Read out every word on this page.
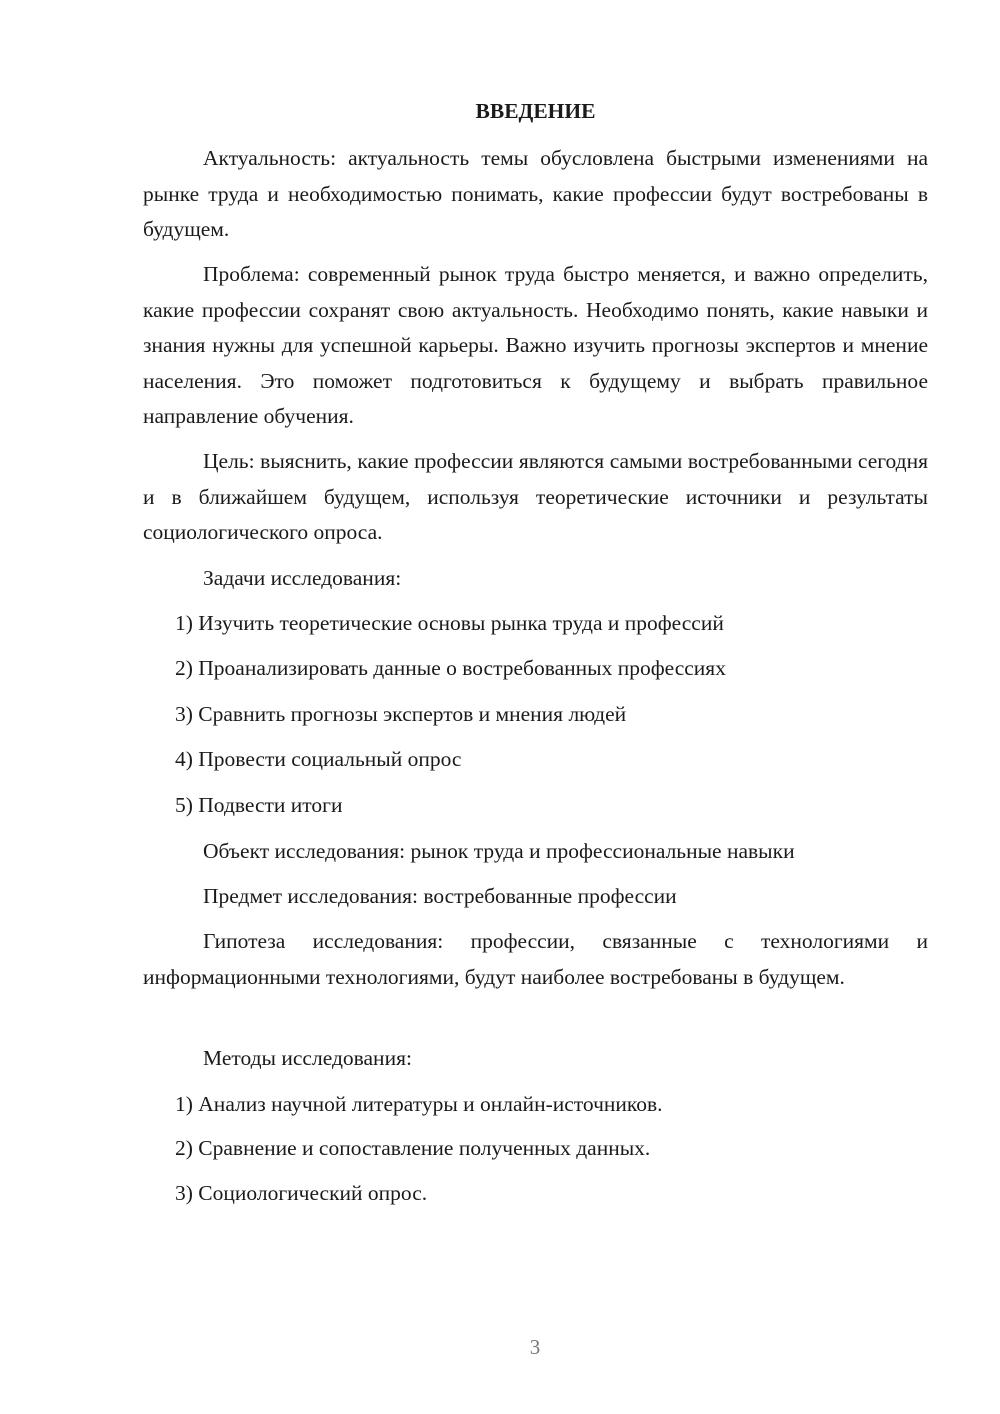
ВВЕДЕНИЕ

Актуальность: актуальность темы обусловлена быстрыми изменениями на рынке труда и необходимостью понимать, какие профессии будут востребованы в будущем.

Проблема: современный рынок труда быстро меняется, и важно определить, какие профессии сохранят свою актуальность. Необходимо понять, какие навыки и знания нужны для успешной карьеры. Важно изучить прогнозы экспертов и мнение населения. Это поможет подготовиться к будущему и выбрать правильное направление обучения.

Цель: выяснить, какие профессии являются самыми востребованными сегодня и в ближайшем будущем, используя теоретические источники и результаты социологического опроса.

Задачи исследования:

1) Изучить теоретические основы рынка труда и профессий

2) Проанализировать данные о востребованных профессиях

3) Сравнить прогнозы экспертов и мнения людей

4) Провести социальный опрос

5) Подвести итоги

Объект исследования: рынок труда и профессиональные навыки

Предмет исследования: востребованные профессии

Гипотеза исследования: профессии, связанные с технологиями и информационными технологиями, будут наиболее востребованы в будущем.

Методы исследования:

1) Анализ научной литературы и онлайн-источников.

2) Сравнение и сопоставление полученных данных.

3) Социологический опрос.

3
